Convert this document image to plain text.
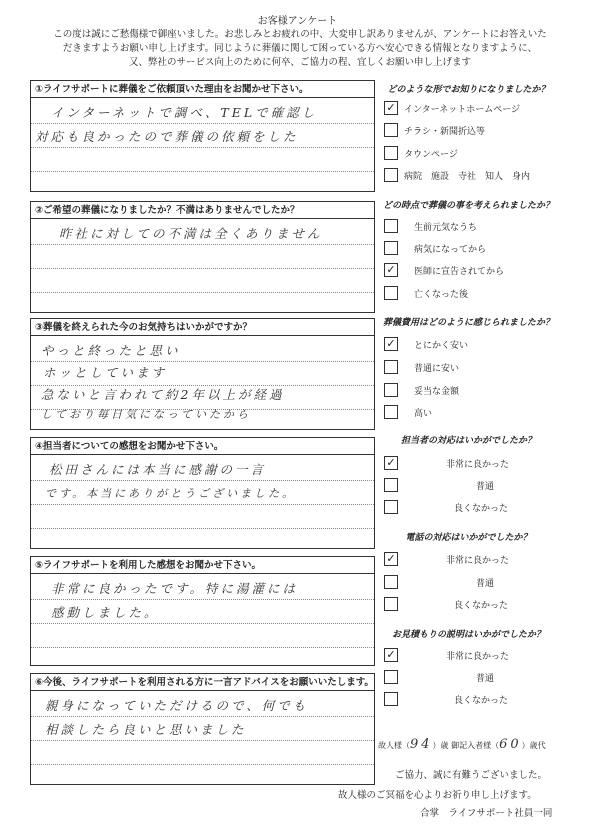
お客様アンケート
この度は誠にご愁傷様で御座いました。お悲しみとお疲れの中、大変申し訳ありませんが、アンケートにお答えいた
だきますようお願い申し上げます。同じように葬儀に関して困っている方へ安心できる情報となりますように、
又、弊社のサービス向上のために何卒、ご協力の程、宜しくお願い申し上げます
①ライフサポートに葬儀をご依頼頂いた理由をお聞かせ下さい。
インターネットで調べ、TELで確認し
対応も良かったので葬儀の依頼をした
②ご希望の葬儀になりましたか？不満はありませんでしたか？
昨社に対しての不満は全くありません
③葬儀を終えられた今のお気持ちはいかがですか？
やっと終ったと思い
ホッとしています
急ないと言われて約2年以上が経過
しており毎日気になっていたから
④担当者についての感想をお聞かせ下さい。
松田さんには本当に感謝の一言
です。本当にありがとうございました。
⑤ライフサポートを利用した感想をお聞かせ下さい。
非常に良かったです。特に湯灌には
感動しました。
⑥今後、ライフサポートを利用される方に一言アドバイスをお願いいたします。
親身になっていただけるので、何でも
相談したら良いと思いました
どのような形でお知りになりましたか？
✓ インターネットホームページ
チラシ・新聞折込等
タウンページ
病院　施設　寺社　知人　身内
どの時点で葬儀の事を考えられましたか？
生前元気なうち
病気になってから
✓ 医師に宣告されてから
亡くなった後
葬儀費用はどのように感じられましたか？
✓ とにかく安い
普通に安い
妥当な金額
高い
担当者の対応はいかがでしたか？
✓	非常に良かった
普通
良くなかった
電話の対応はいかがでしたか？
✓	非常に良かった
普通
良くなかった
お見積もりの説明はいかがでしたか？
✓	非常に良かった
普通
良くなかった
故人様（94）歳 御記入者様（60）歳代
ご協力、誠に有難うございました。
故人様のご冥福を心よりお祈り申し上げます。
合掌　ライフサポート社員一同
